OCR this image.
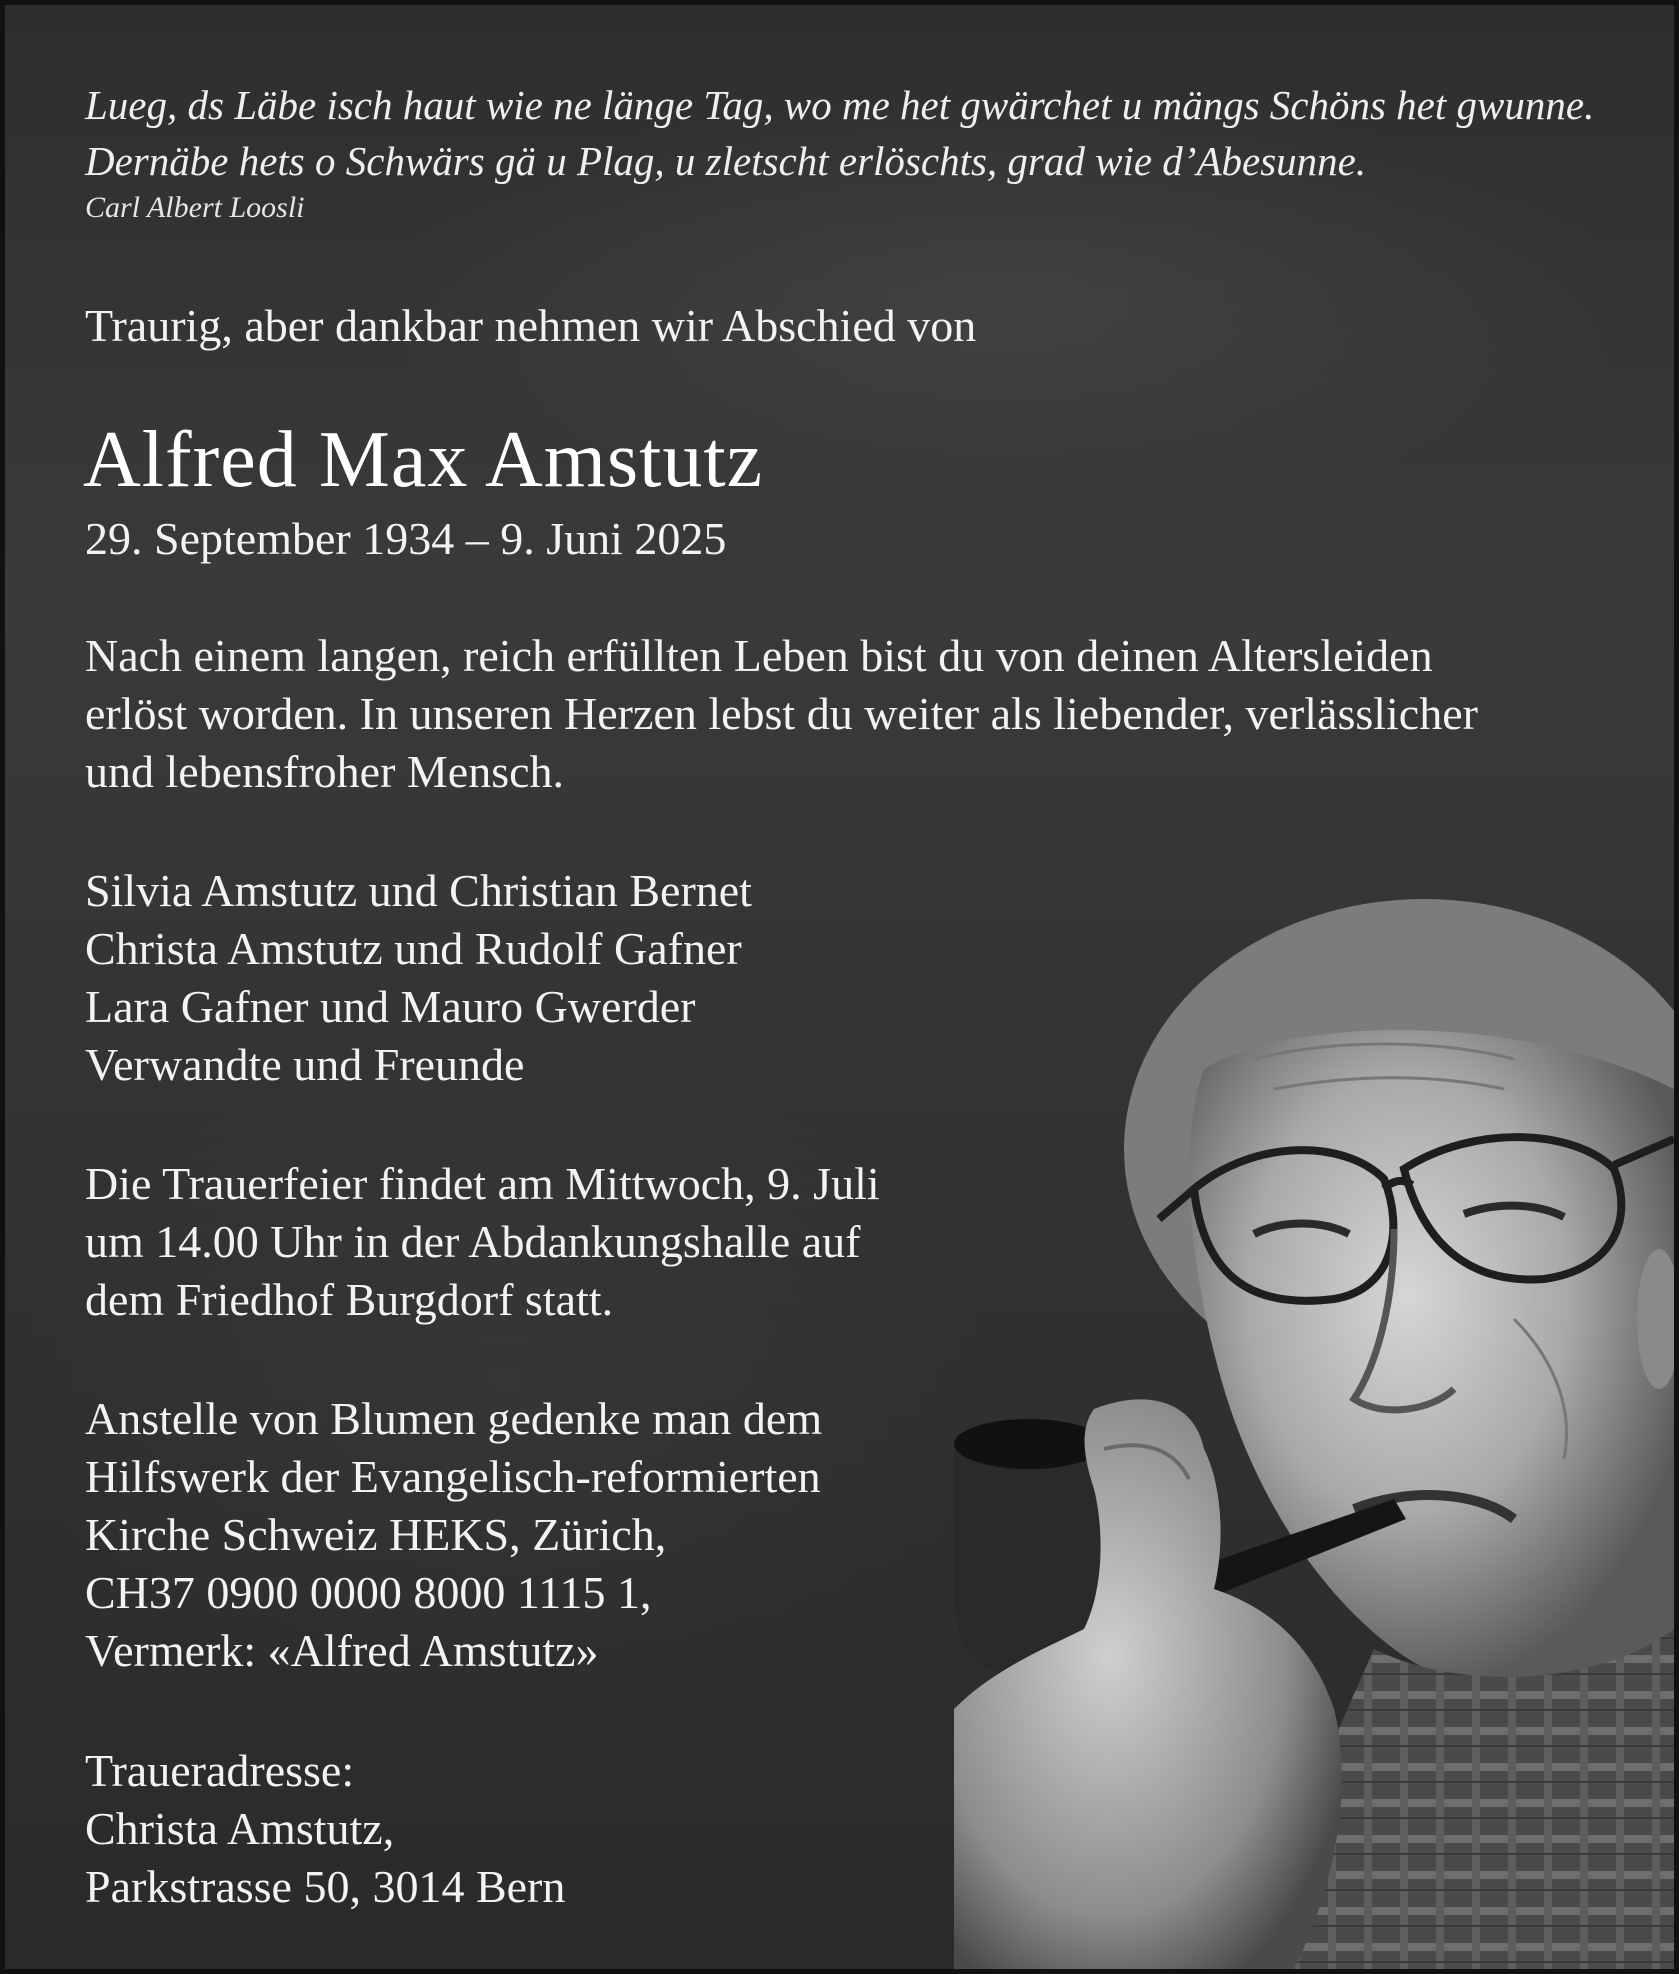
Lueg, ds Läbe isch haut wie ne länge Tag, wo me het gwärchet u mängs Schöns het gwunne.
Dernäbe hets o Schwärs gä u Plag, u zletscht erlöschts, grad wie d’Abesunne.
Carl Albert Loosli
Traurig, aber dankbar nehmen wir Abschied von
Alfred Max Amstutz
29. September 1934 – 9. Juni 2025
Nach einem langen, reich erfüllten Leben bist du von deinen Altersleiden
erlöst worden. In unseren Herzen lebst du weiter als liebender, verlässlicher
und lebensfroher Mensch.
Silvia Amstutz und Christian Bernet
Christa Amstutz und Rudolf Gafner
Lara Gafner und Mauro Gwerder
Verwandte und Freunde
Die Trauerfeier findet am Mittwoch, 9. Juli
um 14.00 Uhr in der Abdankungshalle auf
dem Friedhof Burgdorf statt.
Anstelle von Blumen gedenke man dem
Hilfswerk der Evangelisch-reformierten
Kirche Schweiz HEKS, Zürich,
CH37 0900 0000 8000 1115 1,
Vermerk: «Alfred Amstutz»
Traueradresse:
Christa Amstutz,
Parkstrasse 50, 3014 Bern
